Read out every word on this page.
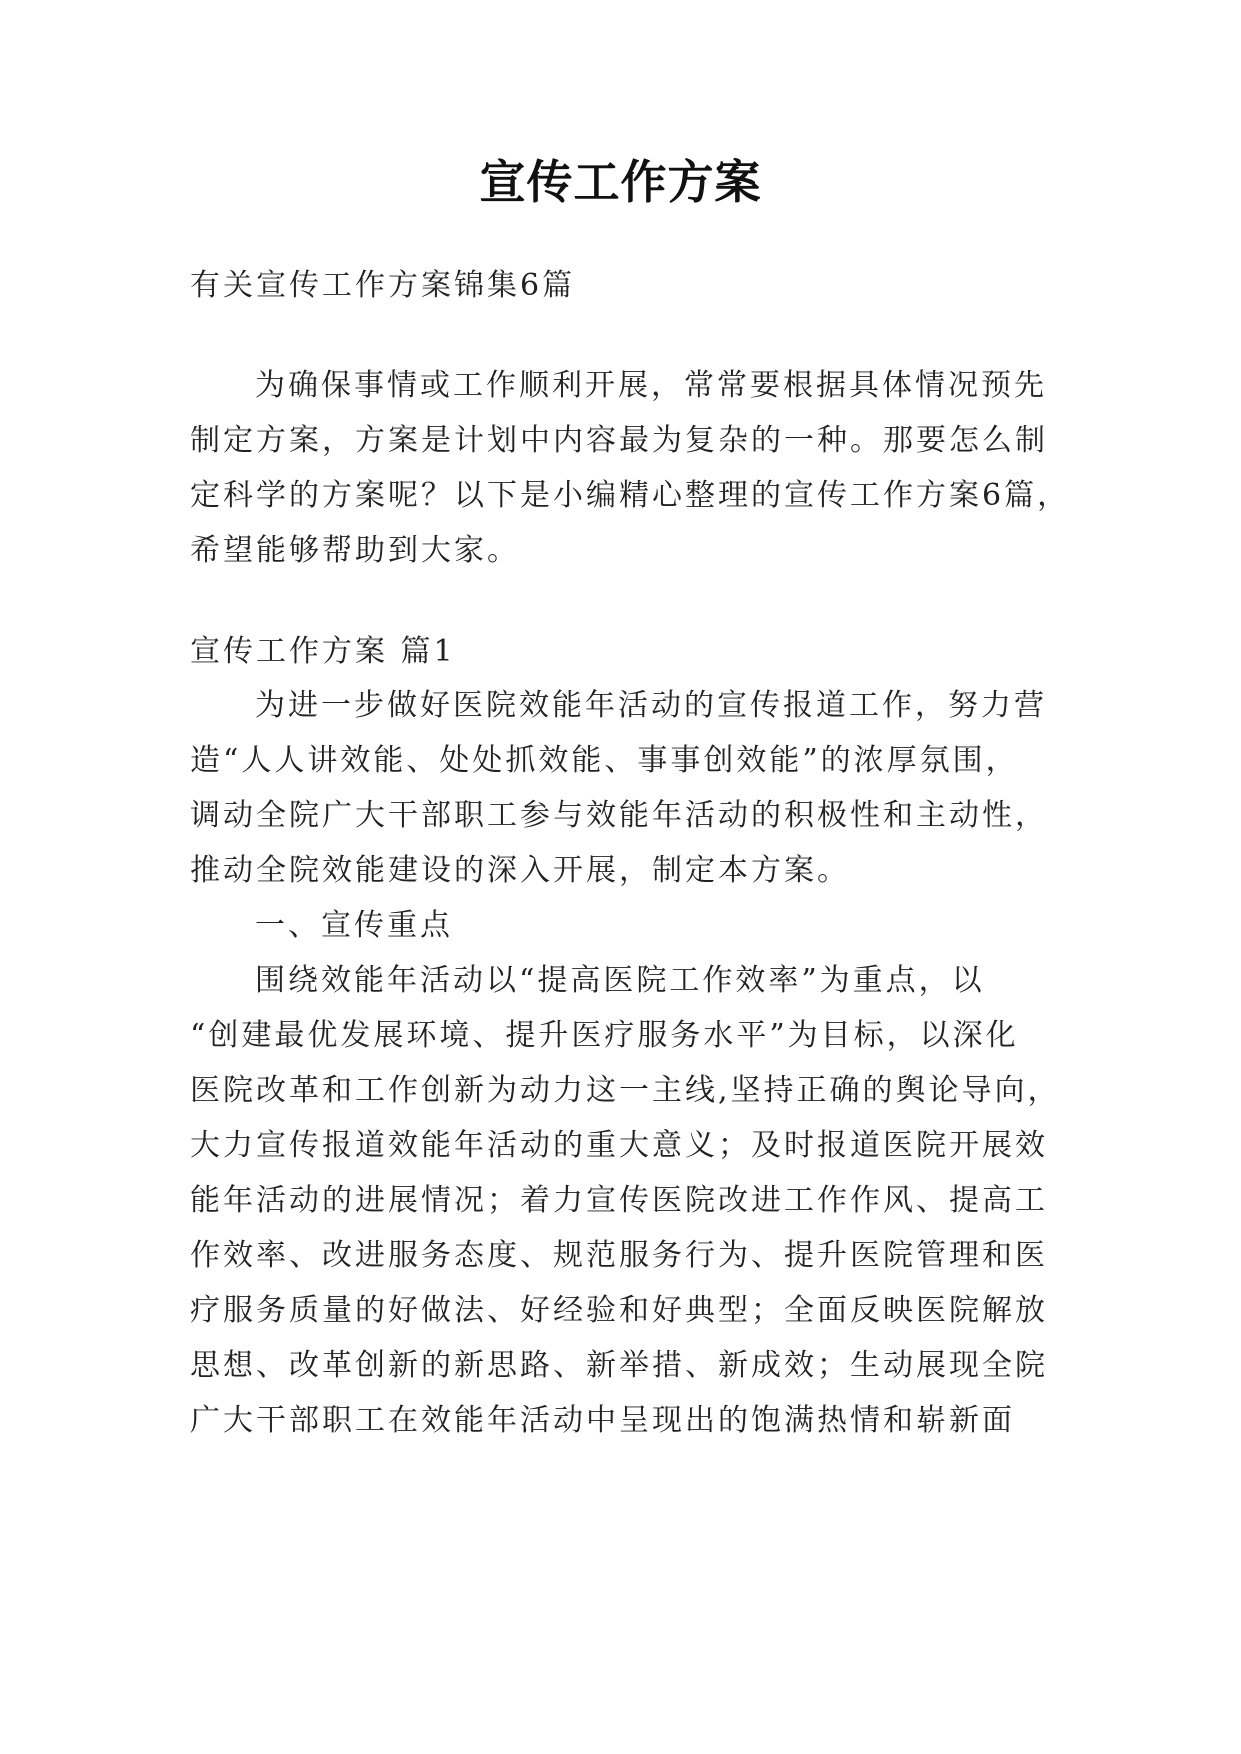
宣传工作方案
有关宣传工作方案锦集6篇
为确保事情或工作顺利开展，常常要根据具体情况预先
制定方案，方案是计划中内容最为复杂的一种。那要怎么制
定科学的方案呢？以下是小编精心整理的宣传工作方案6篇，
希望能够帮助到大家。
宣传工作方案 篇1
为进一步做好医院效能年活动的宣传报道工作，努力营
造“人人讲效能、处处抓效能、事事创效能”的浓厚氛围，
调动全院广大干部职工参与效能年活动的积极性和主动性，
推动全院效能建设的深入开展，制定本方案。
一、宣传重点
围绕效能年活动以“提高医院工作效率”为重点，以
“创建最优发展环境、提升医疗服务水平”为目标，以深化
医院改革和工作创新为动力这一主线,坚持正确的舆论导向，
大力宣传报道效能年活动的重大意义；及时报道医院开展效
能年活动的进展情况；着力宣传医院改进工作作风、提高工
作效率、改进服务态度、规范服务行为、提升医院管理和医
疗服务质量的好做法、好经验和好典型；全面反映医院解放
思想、改革创新的新思路、新举措、新成效；生动展现全院
广大干部职工在效能年活动中呈现出的饱满热情和崭新面
